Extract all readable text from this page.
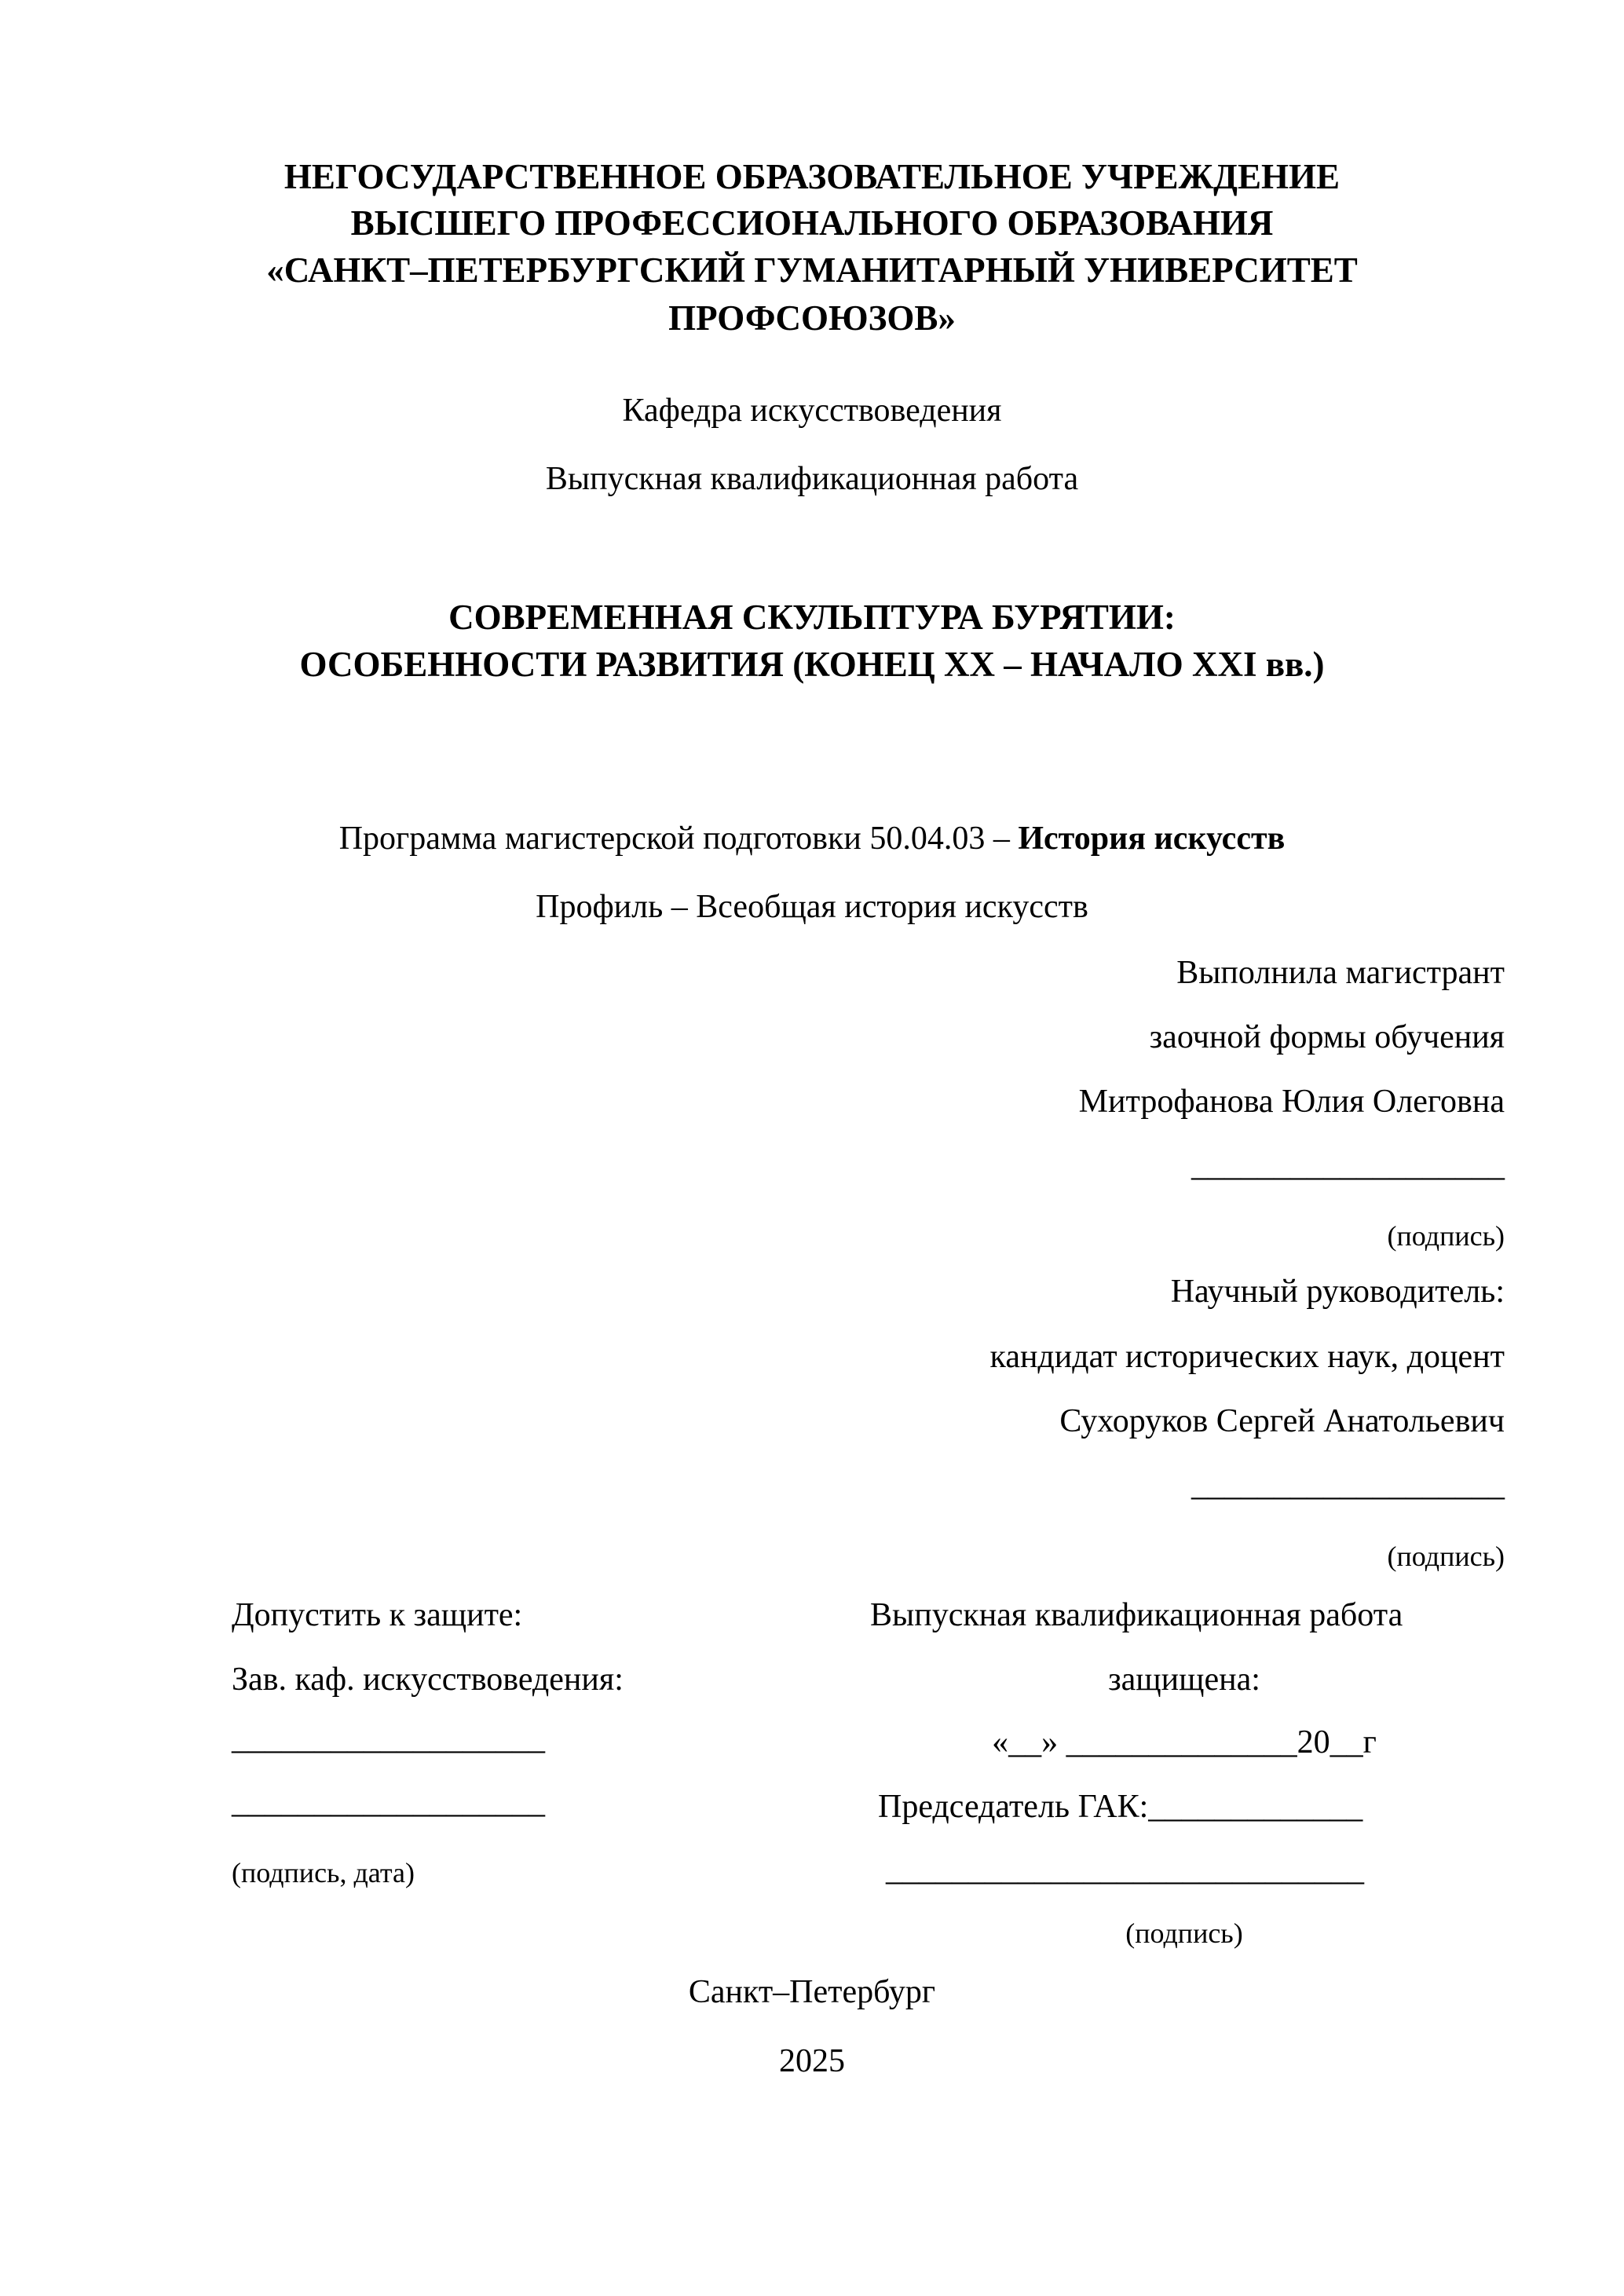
НЕГОСУДАРСТВЕННОЕ ОБРАЗОВАТЕЛЬНОЕ УЧРЕЖДЕНИЕ
ВЫСШЕГО ПРОФЕССИОНАЛЬНОГО ОБРАЗОВАНИЯ
«САНКТ–ПЕТЕРБУРГСКИЙ ГУМАНИТАРНЫЙ УНИВЕРСИТЕТ
ПРОФСОЮЗОВ»
Кафедра искусствоведения
Выпускная квалификационная работа
СОВРЕМЕННАЯ СКУЛЬПТУРА БУРЯТИИ:
ОСОБЕННОСТИ РАЗВИТИЯ (КОНЕЦ XX – НАЧАЛО XXI вв.)
Программа магистерской подготовки 50.04.03 – История искусств
Профиль – Всеобщая история искусств
Выполнила магистрант
заочной формы обучения
Митрофанова Юлия Олеговна
___________________
(подпись)
Научный руководитель:
кандидат исторических наук, доцент
Сухоруков Сергей Анатольевич
___________________
(подпись)
Допустить к защите:
Зав. каф. искусствоведения:
___________________
___________________
(подпись, дата)
Выпускная квалификационная работа
защищена:
«__» ______________20__г
Председатель ГАК:_____________
_____________________________
(подпись)
Санкт–Петербург
2025
